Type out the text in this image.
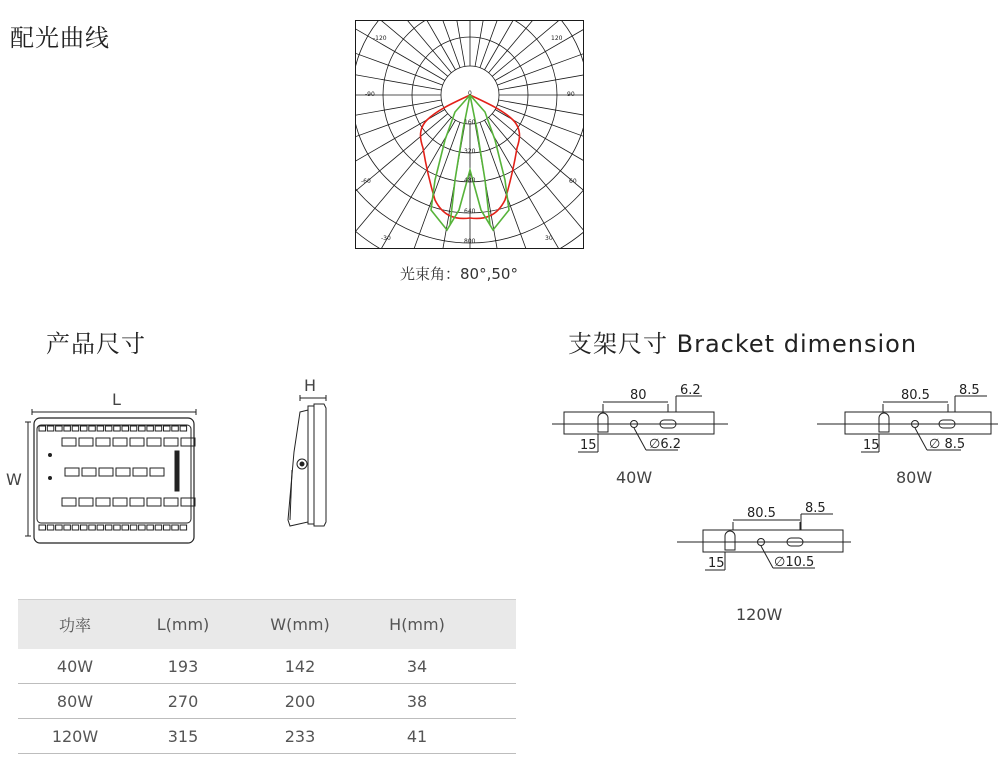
配光曲线	-120	120
-90	90
-60	60
-30	30
0
160
320
480
640
800
光束角：80°,50°
产品尺寸
L
W
H
功率	L(mm)	W(mm)	H(mm)	
40W	193	142	34	
80W	270	200	38	
120W	315	233	41	
支架尺寸 Bracket dimension
80	6.2
15	∅6.2
40W
80.5 8.5
15	∅ 8.5
80W
80.5 8.5
15	∅10.5
120W
